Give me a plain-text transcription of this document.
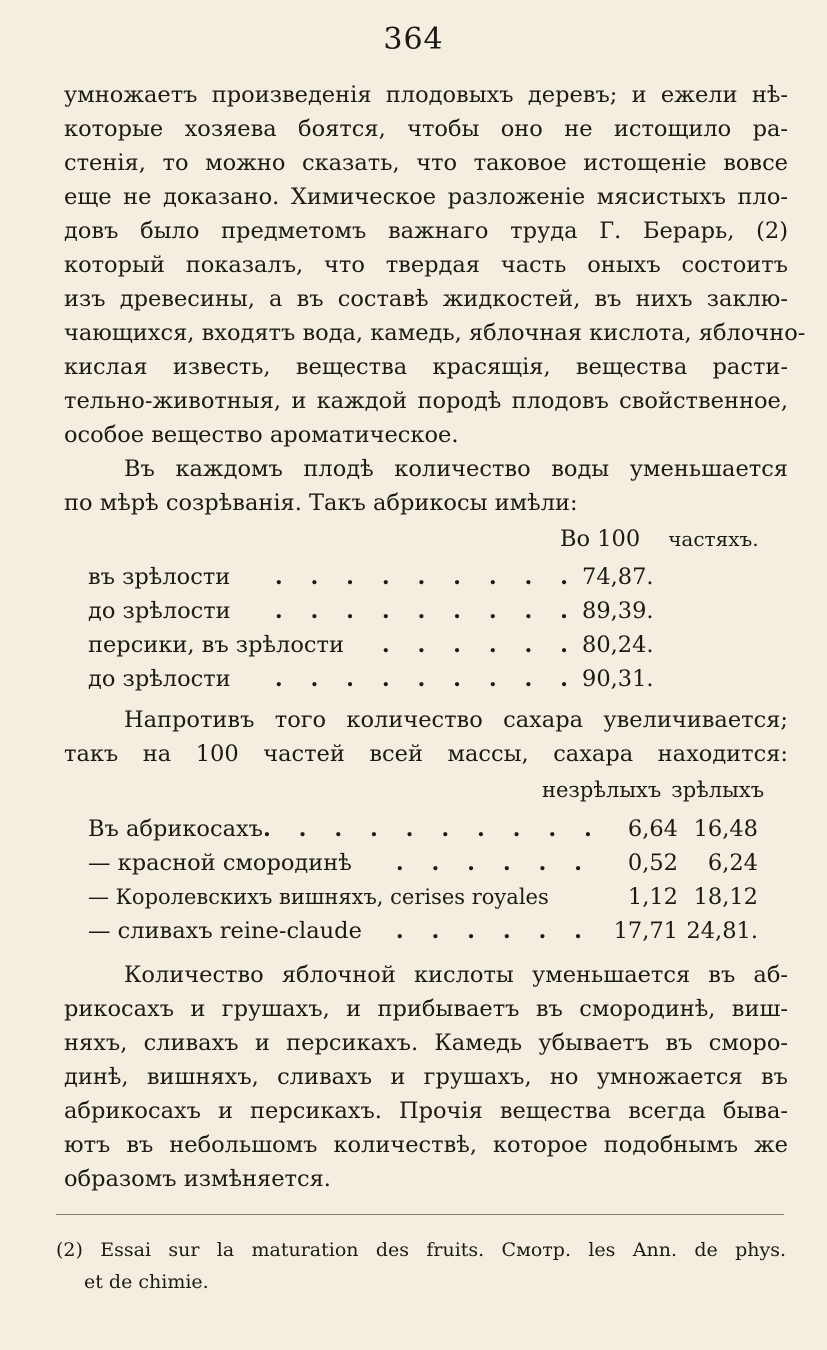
364
умножаетъ произведенія плодовыхъ деревъ; и ежели нѣ-
которые хозяева боятся, чтобы оно не истощило ра-
стенія, то можно сказать, что таковое истощеніе вовсе
еще не доказано. Химическое разложеніе мясистыхъ пло-
довъ было предметомъ важнаго труда Г. Берарь, (2)
который показалъ, что твердая часть оныхъ состоитъ
изъ древесины, а въ составѣ жидкостей, въ нихъ заклю-
чающихся, входятъ вода, камедь, яблочная кислота, яблочно-
кислая известь, вещества красящія, вещества расти-
тельно-животныя, и каждой породѣ плодовъ свойственное,
особое вещество ароматическое.
Въ каждомъ плодѣ количество воды уменьшается
по мѣрѣ созрѣванія. Такъ абрикосы имѣли:
Во 100 частяхъ.
въ зрѣлости . . . . . . . . . 74,87.
до зрѣлости . . . . . . . . . 89,39.
персики, въ зрѣлости . . . . . . 80,24.
до зрѣлости . . . . . . . . . 90,31.
Напротивъ того количество сахара увеличивается;
такъ на 100 частей всей массы, сахара находится:
незрѣлыхъ зрѣлыхъ
Въ абрикосахъ . . . . . . . . . .	6,64 16,48
— красной смородинѣ . . . . . .	0,52	6,24
— Королевскихъ вишняхъ, cerises royales	1,12 18,12
— сливахъ reine-claude . . . . . . 17,71 24,81.
Количество яблочной кислоты уменьшается въ аб-
рикосахъ и грушахъ, и прибываетъ въ смородинѣ, виш-
няхъ, сливахъ и персикахъ. Камедь убываетъ въ сморо-
динѣ, вишняхъ, сливахъ и грушахъ, но умножается въ
абрикосахъ и персикахъ. Прочія вещества всегда быва-
ютъ въ небольшомъ количествѣ, которое подобнымъ же
образомъ измѣняется.
(2) Essai sur la maturation des fruits. Смотр. les Ann. de phys.
et de chimie.
